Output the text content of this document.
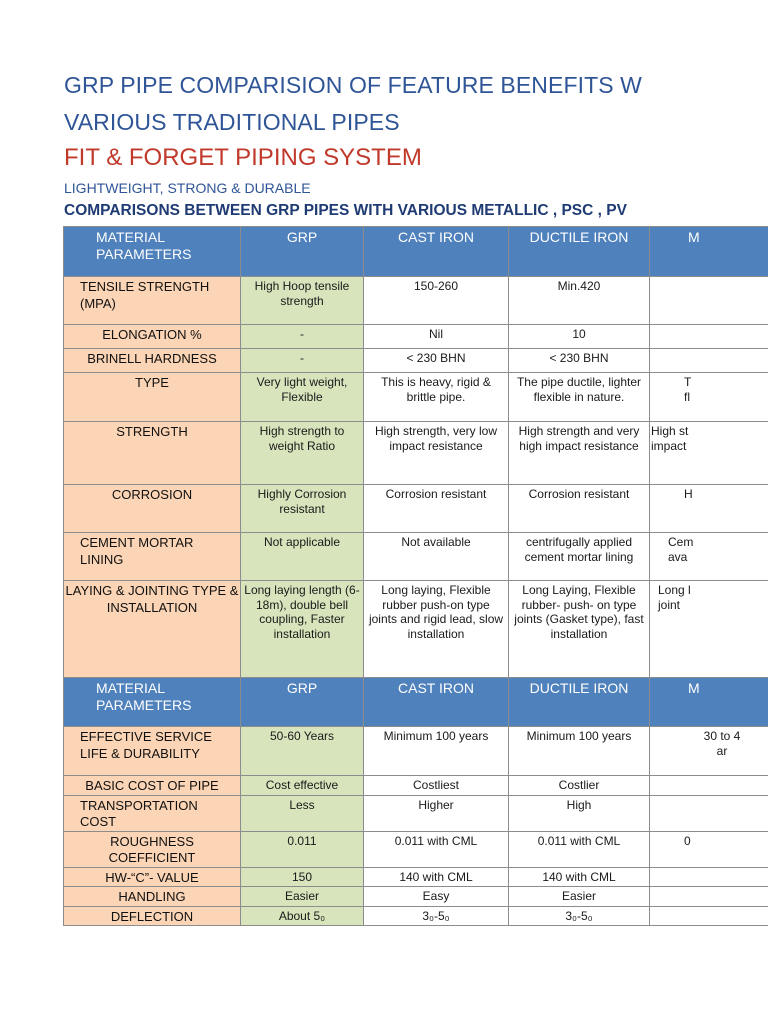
GRP PIPE COMPARISION OF FEATURE BENEFITS W
VARIOUS TRADITIONAL PIPES
FIT & FORGET PIPING SYSTEM
LIGHTWEIGHT, STRONG & DURABLE
COMPARISONS BETWEEN GRP PIPES WITH VARIOUS METALLIC , PSC , PV
MATERIAL PARAMETERS	GRP	CAST IRON	DUCTILE IRON	M
TENSILE STRENGTH (MPA)	High Hoop tensile strength	150-260	Min.420	
ELONGATION %	-	Nil	10	
BRINELL HARDNESS	-	< 230 BHN	< 230 BHN	
TYPE	Very light weight, Flexible	This is heavy, rigid & brittle pipe.	The pipe ductile, lighter flexible in nature.	T
fl
STRENGTH	High strength to weight Ratio	High strength, very low impact resistance	High strength and very high impact resistance	High st
impact
CORROSION	Highly Corrosion resistant	Corrosion resistant	Corrosion resistant	H
CEMENT MORTAR LINING	Not applicable	Not available	centrifugally applied cement mortar lining	Cem
ava
LAYING & JOINTING TYPE & INSTALLATION	Long laying length (6-18m), double bell coupling, Faster installation	Long laying, Flexible rubber push-on type joints and rigid lead, slow installation	Long Laying, Flexible rubber- push- on type joints (Gasket type), fast installation	Long l
joint
MATERIAL PARAMETERS	GRP	CAST IRON	DUCTILE IRON	M
EFFECTIVE SERVICE LIFE & DURABILITY	50-60 Years	Minimum 100 years	Minimum 100 years	30 to 4
ar
BASIC COST OF PIPE	Cost effective	Costliest	Costlier	
TRANSPORTATION COST	Less	Higher	High	
ROUGHNESS COEFFICIENT	0.011	0.011 with CML	0.011 with CML	0
HW-“C”- VALUE	150	140 with CML	140 with CML	
HANDLING	Easier	Easy	Easier	
DEFLECTION	About 5₀	3₀-5₀	3₀-5₀	
